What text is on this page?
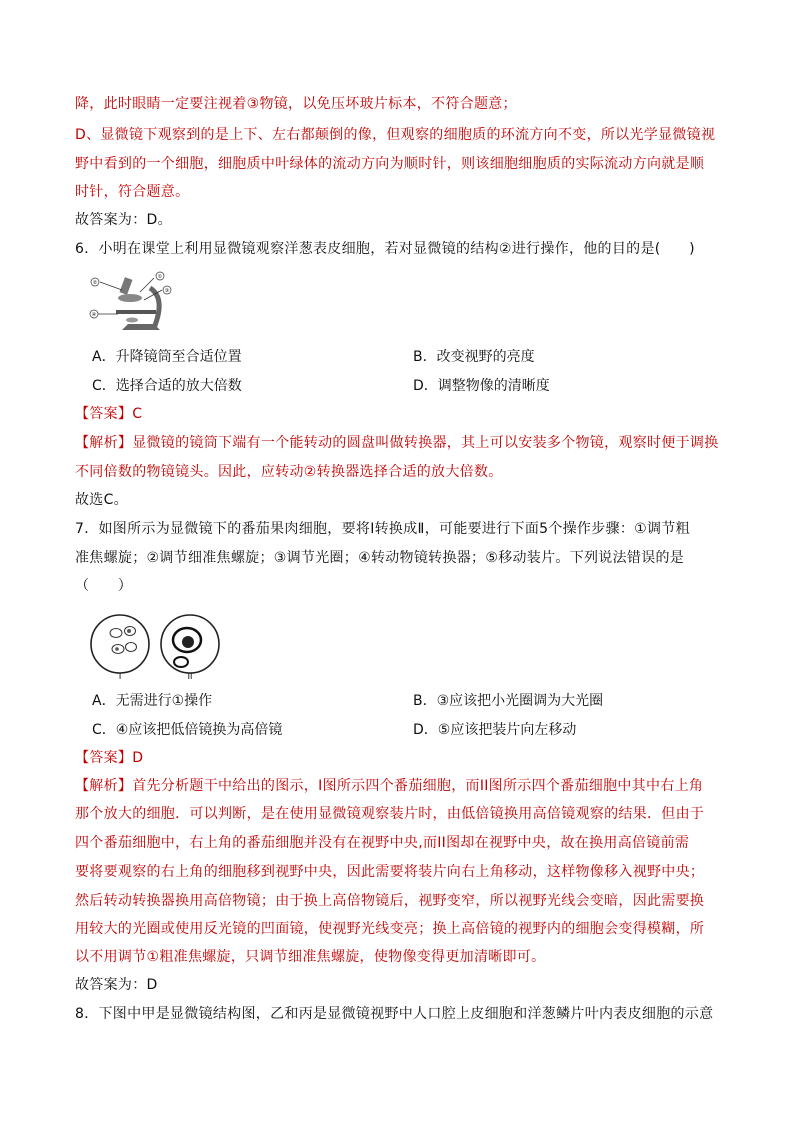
降，此时眼睛一定要注视着③物镜，以免压坏玻片标本，不符合题意；
D、显微镜下观察到的是上下、左右都颠倒的像，但观察的细胞质的环流方向不变，所以光学显微镜视
野中看到的一个细胞，细胞质中叶绿体的流动方向为顺时针，则该细胞细胞质的实际流动方向就是顺
时针，符合题意。
故答案为：D。
6．小明在课堂上利用显微镜观察洋葱表皮细胞，若对显微镜的结构②进行操作，他的目的是(　　)
②
①
③
④
A．升降镜筒至合适位置	B．改变视野的亮度
C．选择合适的放大倍数	D．调整物像的清晰度
【答案】C
【解析】显微镜的镜筒下端有一个能转动的圆盘叫做转换器，其上可以安装多个物镜，观察时便于调换
不同倍数的物镜镜头。因此，应转动②转换器选择合适的放大倍数。
故选C。
7．如图所示为显微镜下的番茄果肉细胞，要将Ⅰ转换成Ⅱ，可能要进行下面5个操作步骤：①调节粗
准焦螺旋；②调节细准焦螺旋；③调节光圈；④转动物镜转换器；⑤移动装片。下列说法错误的是
（　　）
I	II
A．无需进行①操作	B．③应该把小光圈调为大光圈
C．④应该把低倍镜换为高倍镜	D．⑤应该把装片向左移动
【答案】D
【解析】首先分析题干中给出的图示，I图所示四个番茄细胞，而II图所示四个番茄细胞中其中右上角
那个放大的细胞．可以判断，是在使用显微镜观察装片时，由低倍镜换用高倍镜观察的结果．但由于
四个番茄细胞中，右上角的番茄细胞并没有在视野中央,而II图却在视野中央，故在换用高倍镜前需
要将要观察的右上角的细胞移到视野中央，因此需要将装片向右上角移动，这样物像移入视野中央；
然后转动转换器换用高倍物镜；由于换上高倍物镜后，视野变窄，所以视野光线会变暗，因此需要换
用较大的光圈或使用反光镜的凹面镜，使视野光线变亮；换上高倍镜的视野内的细胞会变得模糊，所
以不用调节①粗准焦螺旋，只调节细准焦螺旋，使物像变得更加清晰即可。
故答案为：D
8．下图中甲是显微镜结构图，乙和丙是显微镜视野中人口腔上皮细胞和洋葱鳞片叶内表皮细胞的示意
